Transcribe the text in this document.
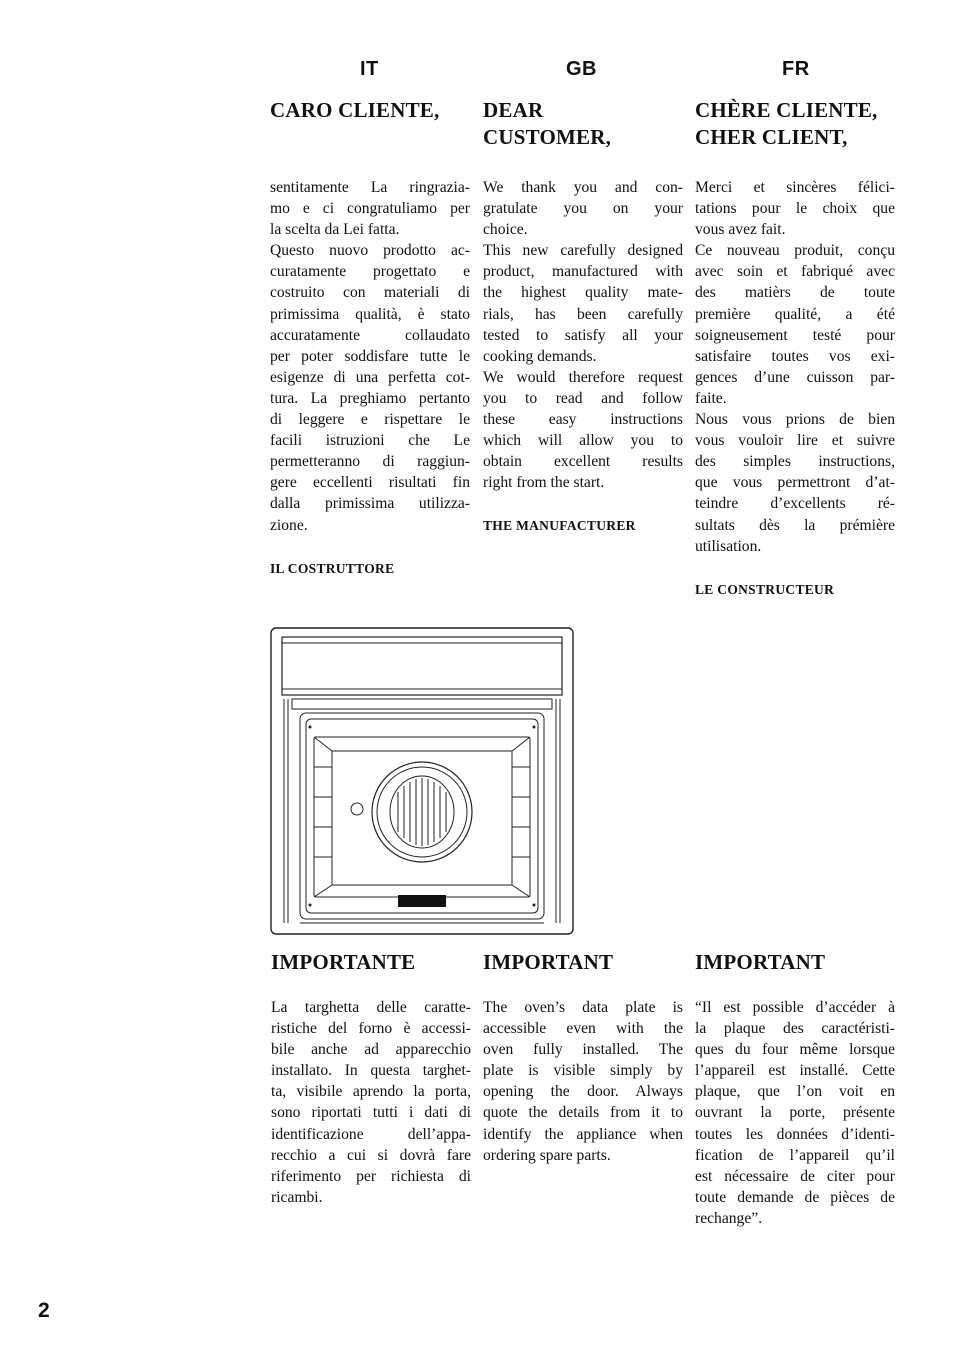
IT	GB	FR
CARO CLIENTE, DEAR
CUSTOMER,
CHÈRE CLIENTE,
CHER CLIENT,
sentitamente La ringrazia-
mo e ci congratuliamo per
la scelta da Lei fatta.
Questo nuovo prodotto ac-
curatamente progettato e
costruito con materiali di
primissima qualità, è stato
accuratamente collaudato
per poter soddisfare tutte le
esigenze di una perfetta cot-
tura. La preghiamo pertanto
di leggere e rispettare le
facili istruzioni che Le
permetteranno di raggiun-
gere eccellenti risultati fin
dalla primissima utilizza-
zione.
We thank you and con-
gratulate you on your
choice.
This new carefully designed
product, manufactured with
the highest quality mate-
rials, has been carefully
tested to satisfy all your
cooking demands.
We would therefore request
you to read and follow
these easy instructions
which will allow you to
obtain excellent results
right from the start.
Merci et sincères félici-
tations pour le choix que
vous avez fait.
Ce nouveau produit, conçu
avec soin et fabriqué avec
des matièrs de toute
première qualité, a été
soigneusement testé pour
satisfaire toutes vos exi-
gences d’une cuisson par-
faite.
Nous vous prions de bien
vous vouloir lire et suivre
des simples instructions,
que vous permettront d’at-
teindre d’excellents ré-
sultats dès la prémière
utilisation.
IL COSTRUTTORE
THE MANUFACTURER
LE CONSTRUCTEUR
IMPORTANTE	IMPORTANT	IMPORTANT
La targhetta delle caratte-
ristiche del forno è accessi-
bile anche ad apparecchio
installato. In questa targhet-
ta, visibile aprendo la porta,
sono riportati tutti i dati di
identificazione dell’appa-
recchio a cui si dovrà fare
riferimento per richiesta di
ricambi.
The oven’s data plate is
accessible even with the
oven fully installed. The
plate is visible simply by
opening the door. Always
quote the details from it to
identify the appliance when
ordering spare parts.
“Il est possible d’accéder à
la plaque des caractéristi-
ques du four même lorsque
l’appareil est installé. Cette
plaque, que l’on voit en
ouvrant la porte, présente
toutes les données d’identi-
fication de l’appareil qu’il
est nécessaire de citer pour
toute demande de pièces de
rechange”.
2
